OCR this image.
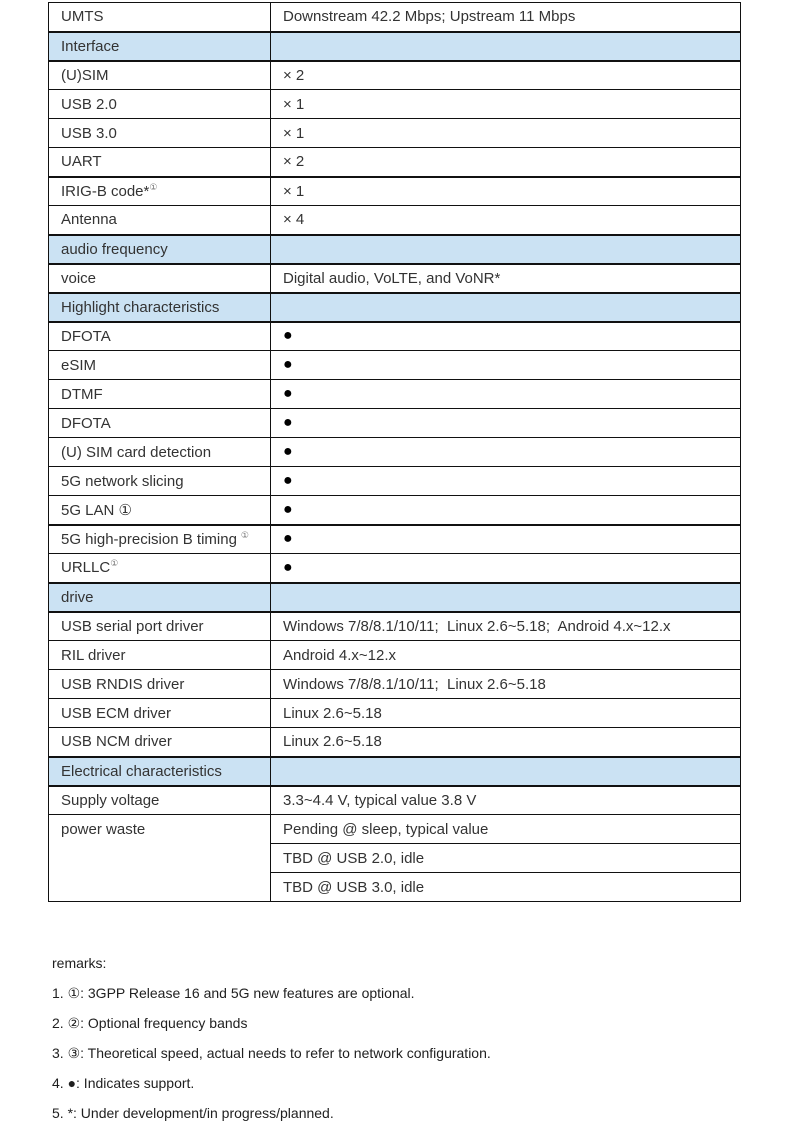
UMTS	Downstream 42.2 Mbps; Upstream 11 Mbps
Interface	
(U)SIM	× 2
USB 2.0	× 1
USB 3.0	× 1
UART	× 2
IRIG-B code*①	× 1
Antenna	× 4
audio frequency	
voice	Digital audio, VoLTE, and VoNR*
Highlight characteristics	
DFOTA	●
eSIM	●
DTMF	●
DFOTA	●
(U) SIM card detection	●
5G network slicing	●
5G LAN ①	●
5G high-precision B timing ①	●
URLLC①	●
drive	
USB serial port driver	Windows 7/8/8.1/10/11;  Linux 2.6~5.18;  Android 4.x~12.x
RIL driver	Android 4.x~12.x
USB RNDIS driver	Windows 7/8/8.1/10/11;  Linux 2.6~5.18
USB ECM driver	Linux 2.6~5.18
USB NCM driver	Linux 2.6~5.18
Electrical characteristics	
Supply voltage	3.3~4.4 V, typical value 3.8 V
power waste	Pending @ sleep, typical value
	TBD @ USB 2.0, idle
	TBD @ USB 3.0, idle
remarks:
1. ①: 3GPP Release 16 and 5G new features are optional.
2. ②: Optional frequency bands
3. ③: Theoretical speed, actual needs to refer to network configuration.
4. ●: Indicates support.
5. *: Under development/in progress/planned.
